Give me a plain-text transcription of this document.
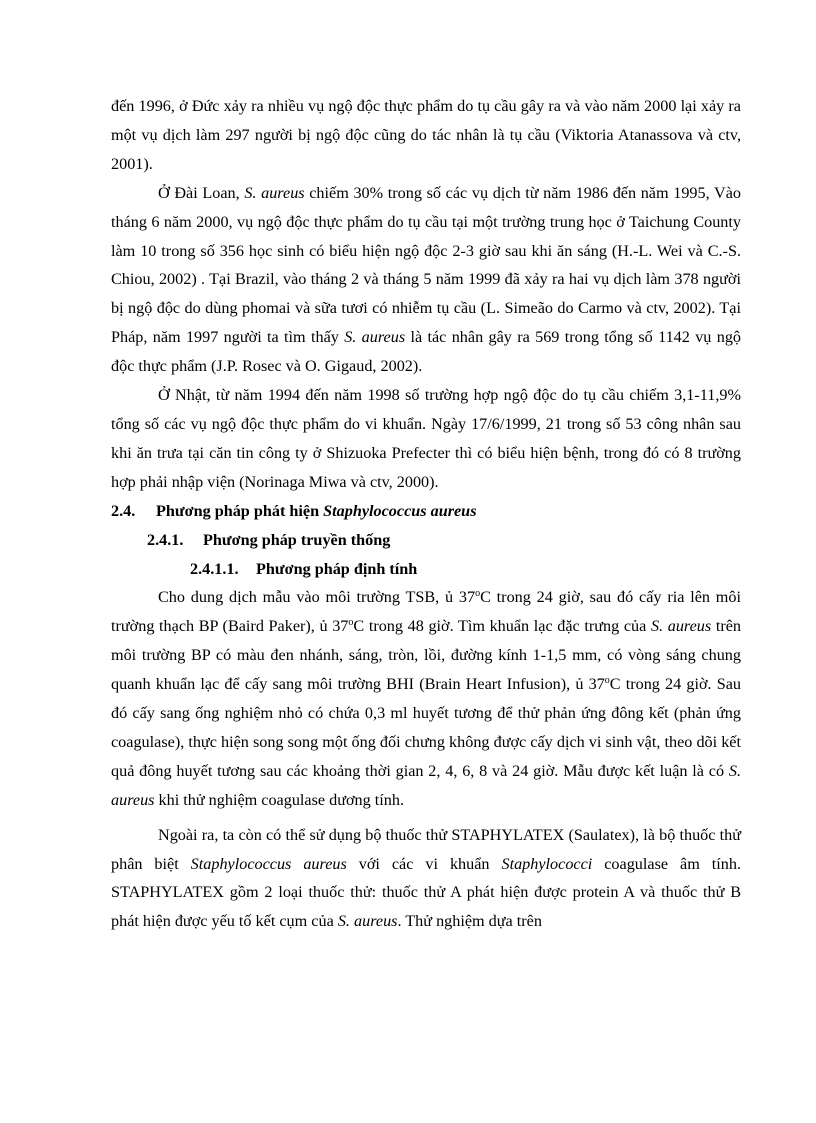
đến 1996, ở Đức xảy ra nhiều vụ ngộ độc thực phẩm do tụ cầu gây ra và vào năm 2000 lại xảy ra một vụ dịch làm 297 người bị ngộ độc cũng do tác nhân là tụ cầu (Viktoria Atanassova và ctv, 2001).

Ở Đài Loan, S. aureus chiếm 30% trong số các vụ dịch từ năm 1986 đến năm 1995, Vào tháng 6 năm 2000, vụ ngộ độc thực phẩm do tụ cầu tại một trường trung học ở Taichung County làm 10 trong số 356 học sinh có biểu hiện ngộ độc 2-3 giờ sau khi ăn sáng (H.-L. Wei và C.-S. Chiou, 2002) . Tại Brazil, vào tháng 2 và tháng 5 năm 1999 đã xảy ra hai vụ dịch làm 378 người bị ngộ độc do dùng phomai và sữa tươi có nhiễm tụ cầu (L. Simeão do Carmo và ctv, 2002). Tại Pháp, năm 1997 người ta tìm thấy S. aureus là tác nhân gây ra 569 trong tổng số 1142 vụ ngộ độc thực phẩm (J.P. Rosec và O. Gigaud, 2002).

Ở Nhật, từ năm 1994 đến năm 1998 số trường hợp ngộ độc do tụ cầu chiếm 3,1-11,9% tổng số các vụ ngộ độc thực phẩm do vi khuẩn. Ngày 17/6/1999, 21 trong số 53 công nhân sau khi ăn trưa tại căn tin công ty ở Shizuoka Prefecter thì có biểu hiện bệnh, trong đó có 8 trường hợp phải nhập viện (Norinaga Miwa và ctv, 2000).

2.4. Phương pháp phát hiện Staphylococcus aureus
2.4.1. Phương pháp truyền thống
2.4.1.1. Phương pháp định tính

Cho dung dịch mẫu vào môi trường TSB, ủ 37$^o$C trong 24 giờ, sau đó cấy ria lên môi trường thạch BP (Baird Paker), ủ 37$^o$C trong 48 giờ. Tìm khuẩn lạc đặc trưng của S. aureus trên môi trường BP có màu đen nhánh, sáng, tròn, lồi, đường kính 1-1,5 mm, có vòng sáng chung quanh khuẩn lạc để cấy sang môi trường BHI (Brain Heart Infusion), ủ 37$^o$C trong 24 giờ. Sau đó cấy sang ống nghiệm nhỏ có chứa 0,3 ml huyết tương để thử phản ứng đông kết (phản ứng coagulase), thực hiện song song một ống đối chưng không được cấy dịch vi sinh vật, theo dõi kết quả đông huyết tương sau các khoảng thời gian 2, 4, 6, 8 và 24 giờ. Mẫu được kết luận là có S. aureus khi thử nghiệm coagulase dương tính.

Ngoài ra, ta còn có thể sử dụng bộ thuốc thử STAPHYLATEX (Saulatex), là bộ thuốc thử phân biệt Staphylococcus aureus với các vi khuẩn Staphylococci coagulase âm tính. STAPHYLATEX gồm 2 loại thuốc thử: thuốc thử A phát hiện được protein A và thuốc thử B phát hiện được yếu tố kết cụm của S. aureus. Thử nghiệm dựa trên
